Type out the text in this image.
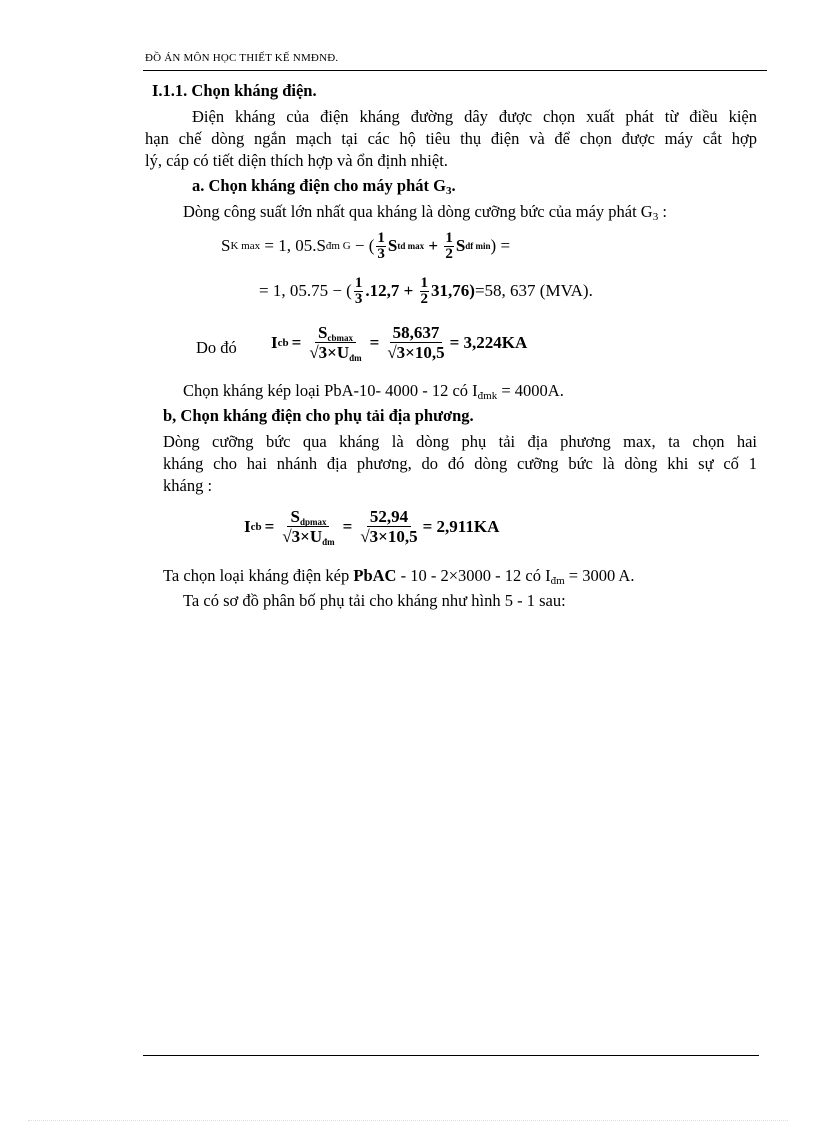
ĐỒ ÁN MÔN HỌC THIẾT KẾ NMĐNĐ.
I.1.1. Chọn kháng điện.
Điện kháng của điện kháng đường dây được chọn xuất phát từ điều kiện
hạn chế dòng ngắn mạch tại các hộ tiêu thụ điện và để chọn được máy cắt hợp
lý, cáp có tiết diện thích hợp và ổn định nhiệt.
a. Chọn kháng điện cho máy phát $G_3$.
Dòng công suất lớn nhất qua kháng là dòng cưỡng bức của máy phát $G_3$ :
S K max = 1, 05.S đm G − ( $\frac{1}{3}$ S td $\max + \frac{1}{2}$ S df min ) =
= 1, 05.75 − ( $\frac{1}{3} .12,7 + \frac{1}{2} 31,76) =58$, 637 (MVA).
Do đó I cb = $\frac{S_{cbmax}}{√3\times U_{đm}} = \frac{58,637}{√3\times 10,5} = 3,224KA$
Chọn kháng kép loại PbA-10- 4000 - 12 có $I_{đmk} = 4000A$.
b, Chọn kháng điện cho phụ tải địa phương.
Dòng cưỡng bức qua kháng là dòng phụ tải địa phương max, ta chọn hai
kháng cho hai nhánh địa phương, do đó dòng cưỡng bức là dòng khi sự cố 1
kháng :
I cb = $\frac{S_{dpmax}}{√3\times U_{đm}} = \frac{52,94}{√3\times 10,5} = 2,911KA$
Ta chọn loại kháng điện kép PbAC - 10 - 2×3000 - 12 có $I_{đm} = 3000$ A.
Ta có sơ đồ phân bố phụ tải cho kháng như hình 5 - 1 sau:
